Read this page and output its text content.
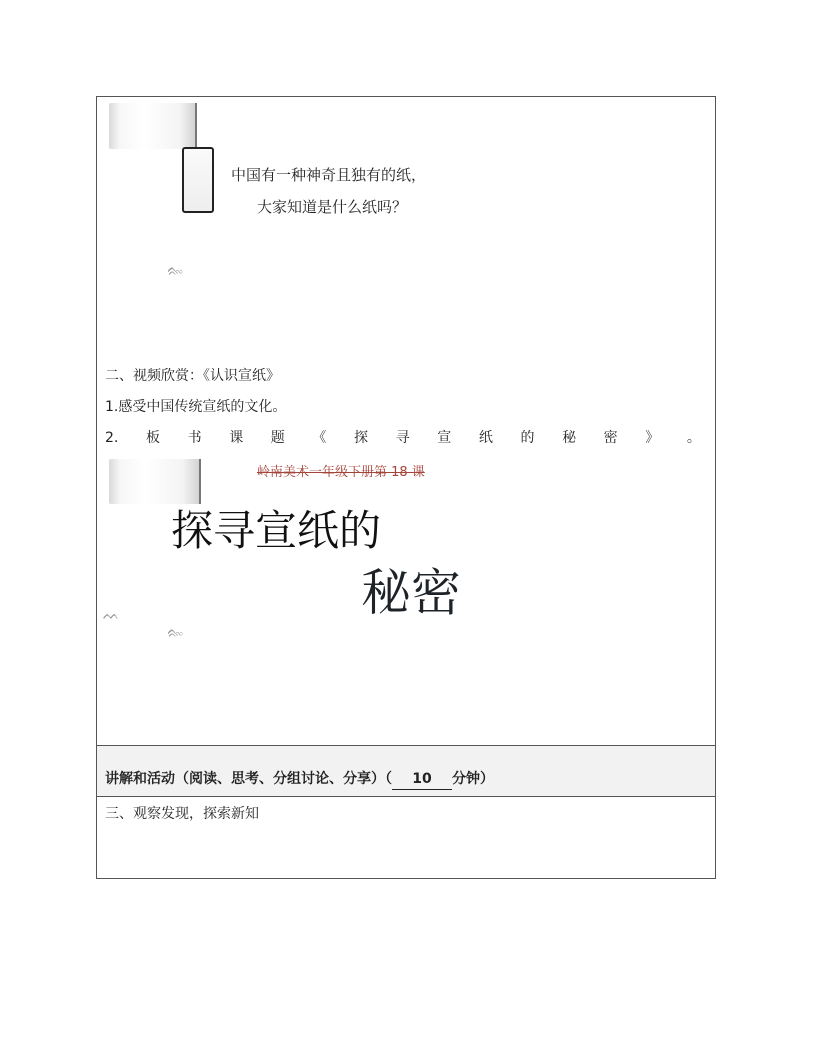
中国有一种神奇且独有的纸，
大家知道是什么纸吗？
ᨑ∾
二、视频欣赏：《认识宣纸》
1.感受中国传统宣纸的文化。
2. 板 书 课 题 《 探 寻 宣 纸 的 秘 密 》 。
岭南美术一年级下册第 18 课
探寻宣纸的
秘密
ᨓ
ᨑ∾
讲解和活动（阅读、思考、分组讨论、分享）（ 10 分钟）
三、观察发现，探索新知
